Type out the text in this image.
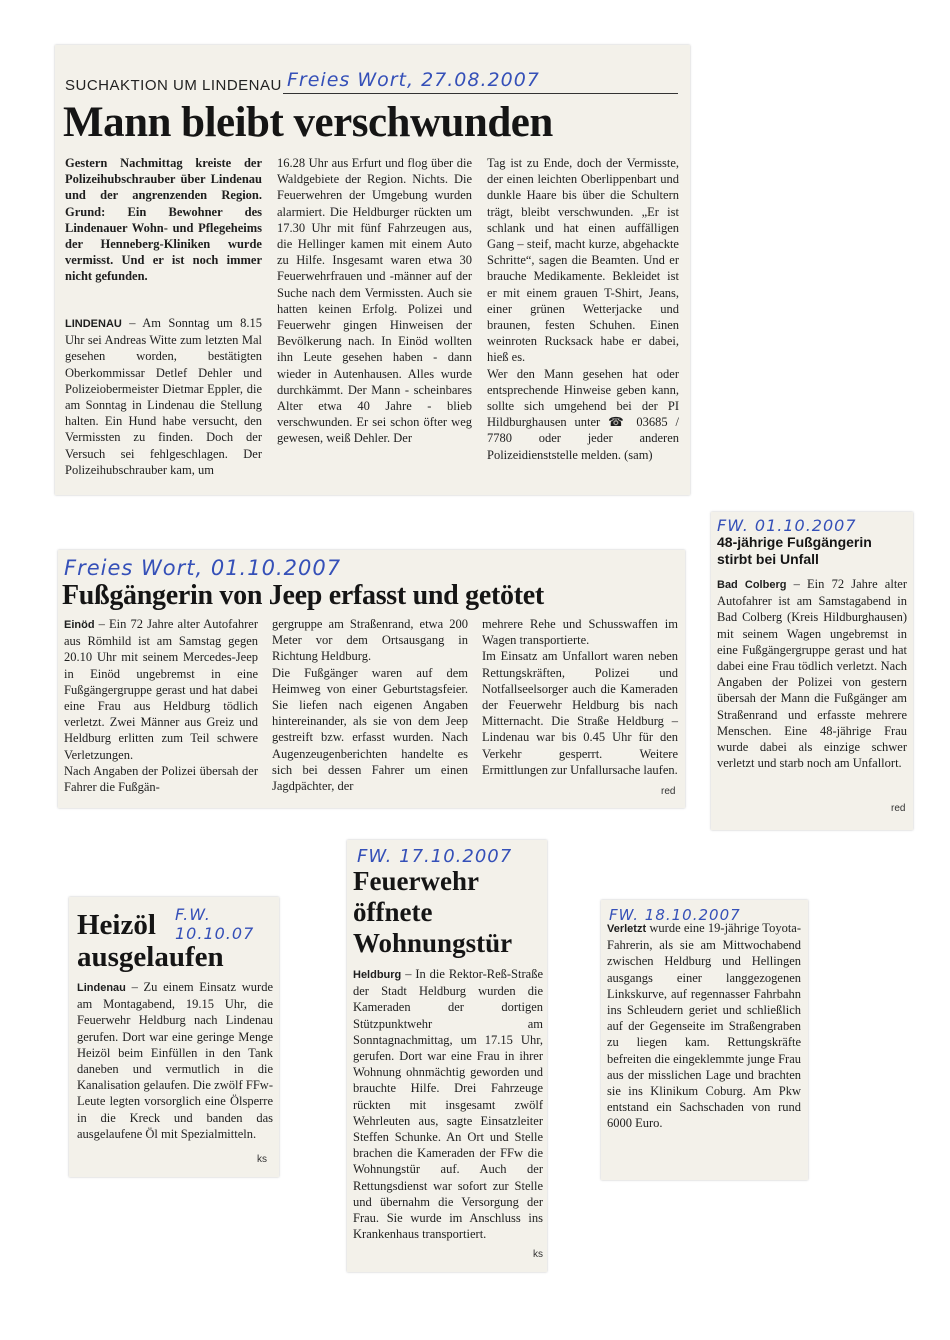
SUCHAKTION UM LINDENAU Freies Wort, 27.08.2007
Mann bleibt verschwunden

Gestern Nachmittag kreiste der Polizeihubschrauber über Lindenau und der angrenzenden Region. Grund: Ein Bewohner des Lindenauer Wohn- und Pflegeheims der Henneberg-Kliniken wurde vermisst. Und er ist noch immer nicht gefunden.

LINDENAU – Am Sonntag um 8.15 Uhr sei Andreas Witte zum letzten Mal gesehen worden, bestätigten Oberkommissar Detlef Dehler und Polizeiobermeister Dietmar Eppler, die am Sonntag in Lindenau die Stellung halten. Ein Hund habe versucht, den Vermissten zu finden. Doch der Versuch sei fehlgeschlagen. Der Polizeihubschrauber kam, um

16.28 Uhr aus Erfurt und flog über die Waldgebiete der Region. Nichts. Die Feuerwehren der Umgebung wurden alarmiert. Die Heldburger rückten um 17.30 Uhr mit fünf Fahrzeugen aus, die Hellinger kamen mit einem Auto zu Hilfe. Insgesamt waren etwa 30 Feuerwehrfrauen und -männer auf der Suche nach dem Vermissten. Auch sie hatten keinen Erfolg. Polizei und Feuerwehr gingen Hinweisen der Bevölkerung nach. In Einöd wollten ihn Leute gesehen haben - dann wieder in Autenhausen. Alles wurde durchkämmt. Der Mann - scheinbares Alter etwa 40 Jahre - blieb verschwunden. Er sei schon öfter weg gewesen, weiß Dehler. Der

Tag ist zu Ende, doch der Vermisste, der einen leichten Oberlippenbart und dunkle Haare bis über die Schultern trägt, bleibt verschwunden. „Er ist schlank und hat einen auffälligen Gang – steif, macht kurze, abgehackte Schritte“, sagen die Beamten. Und er brauche Medikamente. Bekleidet ist er mit einem grauen T-Shirt, Jeans, einer grünen Wetterjacke und braunen, festen Schuhen. Einen weinroten Rucksack habe er dabei, hieß es.
Wer den Mann gesehen hat oder entsprechende Hinweise geben kann, sollte sich umgehend bei der PI Hildburghausen unter ☎ 03685 / 7780 oder jeder anderen Polizeidienststelle melden. (sam)

Freies Wort, 01.10.2007
Fußgängerin von Jeep erfasst und getötet

Einöd – Ein 72 Jahre alter Autofahrer aus Römhild ist am Samstag gegen 20.10 Uhr mit seinem Mercedes-Jeep in Einöd ungebremst in eine Fußgängergruppe gerast und hat dabei eine Frau aus Heldburg tödlich verletzt. Zwei Männer aus Greiz und Heldburg erlitten zum Teil schwere Verletzungen.
Nach Angaben der Polizei übersah der Fahrer die Fußgän-

gergruppe am Straßenrand, etwa 200 Meter vor dem Ortsausgang in Richtung Heldburg.
Die Fußgänger waren auf dem Heimweg von einer Geburtstagsfeier. Sie liefen nach eigenen Angaben hintereinander, als sie von dem Jeep gestreift bzw. erfasst wurden. Nach Augenzeugenberichten handelte es sich bei dessen Fahrer um einen Jagdpächter, der

mehrere Rehe und Schusswaffen im Wagen transportierte.
Im Einsatz am Unfallort waren neben Rettungskräften, Polizei und Notfallseelsorger auch die Kameraden der Feuerwehr Heldburg bis nach Mitternacht. Die Straße Heldburg – Lindenau war bis 0.45 Uhr für den Verkehr gesperrt. Weitere Ermittlungen zur Unfallursache laufen.

red
FW. 01.10.2007
48-jährige Fußgängerin stirbt bei Unfall

Bad Colberg – Ein 72 Jahre alter Autofahrer ist am Samstagabend in Bad Colberg (Kreis Hildburghausen) mit seinem Wagen ungebremst in eine Fußgängergruppe gerast und hat dabei eine Frau tödlich verletzt. Nach Angaben der Polizei von gestern übersah der Mann die Fußgänger am Straßenrand und erfasste mehrere Menschen. Eine 48-jährige Frau wurde dabei als einzige schwer verletzt und starb noch am Unfallort.

red
F.W. 10.10.07
Heizöl
ausgelaufen

Lindenau – Zu einem Einsatz wurde am Montagabend, 19.15 Uhr, die Feuerwehr Heldburg nach Lindenau gerufen. Dort war eine geringe Menge Heizöl beim Einfüllen in den Tank daneben und vermutlich in die Kanalisation gelaufen. Die zwölf FFw-Leute legten vorsorglich eine Ölsperre in die Kreck und banden das ausgelaufene Öl mit Spezialmitteln.

ks
FW. 17.10.2007
Feuerwehr
öffnete
Wohnungstür

Heldburg – In die Rektor-Reß-Straße der Stadt Heldburg wurden die Kameraden der dortigen Stützpunktwehr am Sonntagnachmittag, um 17.15 Uhr, gerufen. Dort war eine Frau in ihrer Wohnung ohnmächtig geworden und brauchte Hilfe. Drei Fahrzeuge rückten mit insgesamt zwölf Wehrleuten aus, sagte Einsatzleiter Steffen Schunke. An Ort und Stelle brachen die Kameraden der FFw die Wohnungstür auf. Auch der Rettungsdienst war sofort zur Stelle und übernahm die Versorgung der Frau. Sie wurde im Anschluss ins Krankenhaus transportiert.

ks
FW. 18.10.2007

Verletzt wurde eine 19-jährige Toyota-Fahrerin, als sie am Mittwochabend zwischen Heldburg und Hellingen ausgangs einer langgezogenen Linkskurve, auf regennasser Fahrbahn ins Schleudern geriet und schließlich auf der Gegenseite im Straßengraben zu liegen kam. Rettungskräfte befreiten die eingeklemmte junge Frau aus der misslichen Lage und brachten sie ins Klinikum Coburg. Am Pkw entstand ein Sachschaden von rund 6000 Euro.
